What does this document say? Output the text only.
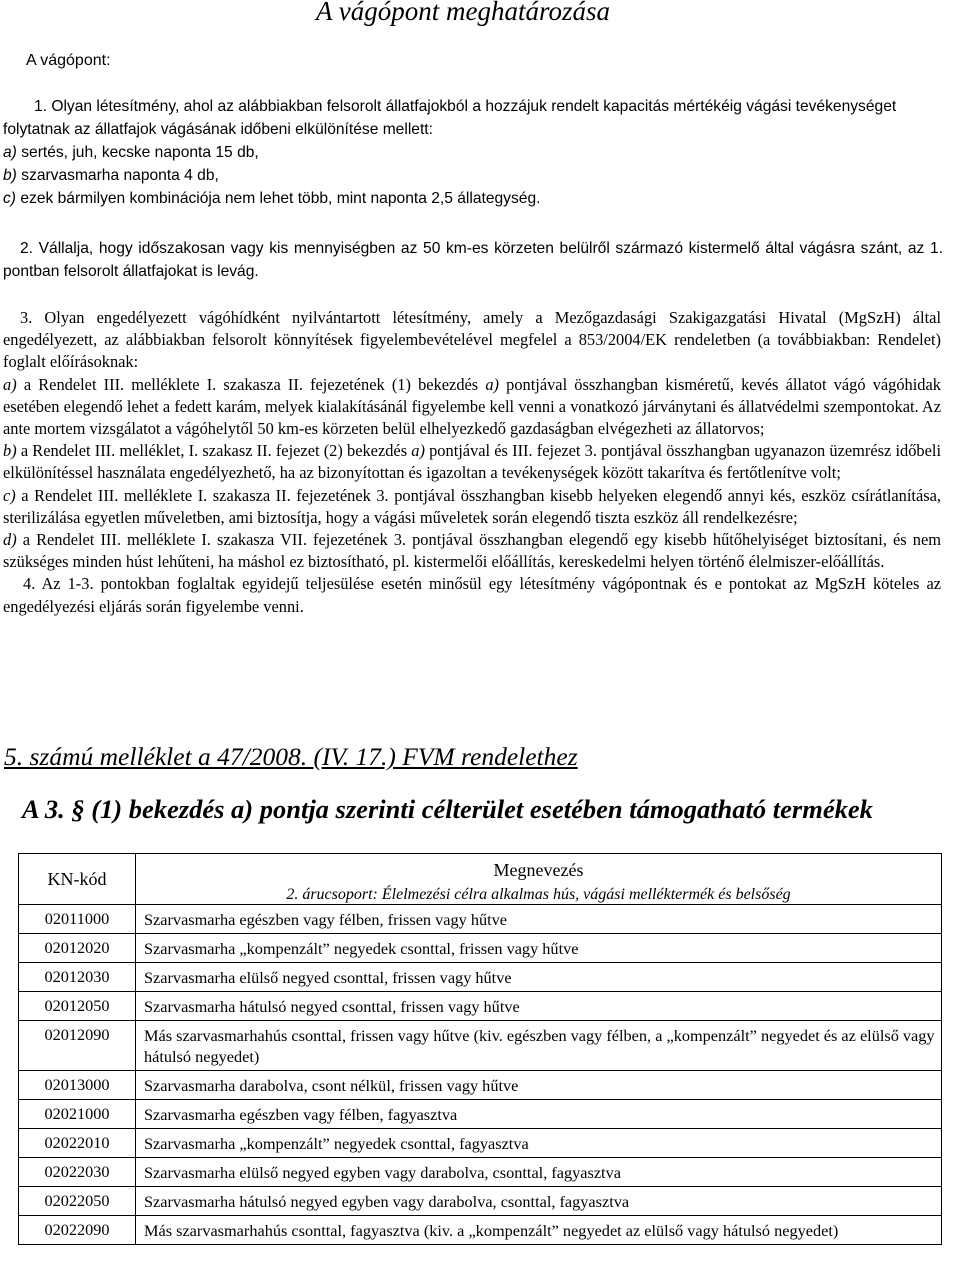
A vágópont meghatározása
A vágópont:

1. Olyan létesítmény, ahol az alábbiakban felsorolt állatfajokból a hozzájuk rendelt kapacitás mértékéig vágási tevékenységet folytatnak az állatfajok vágásának időbeni elkülönítése mellett:

a) sertés, juh, kecske naponta 15 db,

b) szarvasmarha naponta 4 db,

c) ezek bármilyen kombinációja nem lehet több, mint naponta 2,5 állategység.

2. Vállalja, hogy időszakosan vagy kis mennyiségben az 50 km-es körzeten belülről származó kistermelő által vágásra szánt, az 1. pontban felsorolt állatfajokat is levág.

3. Olyan engedélyezett vágóhídként nyilvántartott létesítmény, amely a Mezőgazdasági Szakigazgatási Hivatal (MgSzH) által engedélyezett, az alábbiakban felsorolt könnyítések figyelembevételével megfelel a 853/2004/EK rendeletben (a továbbiakban: Rendelet) foglalt előírásoknak:

a) a Rendelet III. melléklete I. szakasza II. fejezetének (1) bekezdés a) pontjával összhangban kisméretű, kevés állatot vágó vágóhidak esetében elegendő lehet a fedett karám, melyek kialakításánál figyelembe kell venni a vonatkozó járványtani és állatvédelmi szempontokat. Az ante mortem vizsgálatot a vágóhelytől 50 km-es körzeten belül elhelyezkedő gazdaságban elvégezheti az állatorvos;

b) a Rendelet III. melléklet, I. szakasz II. fejezet (2) bekezdés a) pontjával és III. fejezet 3. pontjával összhangban ugyanazon üzemrész időbeli elkülönítéssel használata engedélyezhető, ha az bizonyítottan és igazoltan a tevékenységek között takarítva és fertőtlenítve volt;

c) a Rendelet III. melléklete I. szakasza II. fejezetének 3. pontjával összhangban kisebb helyeken elegendő annyi kés, eszköz csírátlanítása, sterilizálása egyetlen műveletben, ami biztosítja, hogy a vágási műveletek során elegendő tiszta eszköz áll rendelkezésre;

d) a Rendelet III. melléklete I. szakasza VII. fejezetének 3. pontjával összhangban elegendő egy kisebb hűtőhelyiséget biztosítani, és nem szükséges minden húst lehűteni, ha máshol ez biztosítható, pl. kistermelői előállítás, kereskedelmi helyen történő élelmiszer-előállítás.

4. Az 1-3. pontokban foglaltak egyidejű teljesülése esetén minősül egy létesítmény vágópontnak és e pontokat az MgSzH köteles az engedélyezési eljárás során figyelembe venni.

5. számú melléklet a 47/2008. (IV. 17.) FVM rendelethez
A 3. § (1) bekezdés a) pontja szerinti célterület esetében támogatható termékek
KN-kód	Megnevezés
	2. árucsoport: Élelmezési célra alkalmas hús, vágási melléktermék és belsőség
02011000	Szarvasmarha egészben vagy félben, frissen vagy hűtve
02012020	Szarvasmarha „kompenzált” negyedek csonttal, frissen vagy hűtve
02012030	Szarvasmarha elülső negyed csonttal, frissen vagy hűtve
02012050	Szarvasmarha hátulsó negyed csonttal, frissen vagy hűtve
02012090	Más szarvasmarhahús csonttal, frissen vagy hűtve (kiv. egészben vagy félben, a „kompenzált” negyedet és az elülső vagy hátulsó negyedet)
02013000	Szarvasmarha darabolva, csont nélkül, frissen vagy hűtve
02021000	Szarvasmarha egészben vagy félben, fagyasztva
02022010	Szarvasmarha „kompenzált” negyedek csonttal, fagyasztva
02022030	Szarvasmarha elülső negyed egyben vagy darabolva, csonttal, fagyasztva
02022050	Szarvasmarha hátulsó negyed egyben vagy darabolva, csonttal, fagyasztva
02022090	Más szarvasmarhahús csonttal, fagyasztva (kiv. a „kompenzált” negyedet az elülső vagy hátulsó negyedet)
